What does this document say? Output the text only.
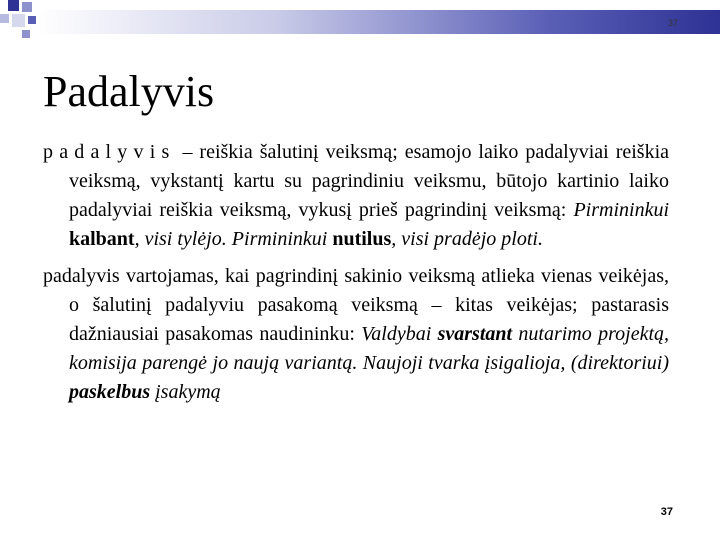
37
Padalyvis

padalyvis – reiškia šalutinį veiksmą; esamojo laiko padalyviai reiškia veiksmą, vykstantį kartu su pagrindiniu veiksmu, būtojo kartinio laiko padalyviai reiškia veiksmą, vykusį prieš pagrindinį veiksmą: Pirmininkui kalbant, visi tylėjo. Pirmininkui nutilus, visi pradėjo ploti.

padalyvis vartojamas, kai pagrindinį sakinio veiksmą atlieka vienas veikėjas, o šalutinį padalyviu pasakomą veiksmą – kitas veikėjas; pastarasis dažniausiai pasakomas naudininku: Valdybai svarstant nutarimo projektą, komisija parengė jo naują variantą. Naujoji tvarka įsigalioja, (direktoriui) paskelbus įsakymą

37
